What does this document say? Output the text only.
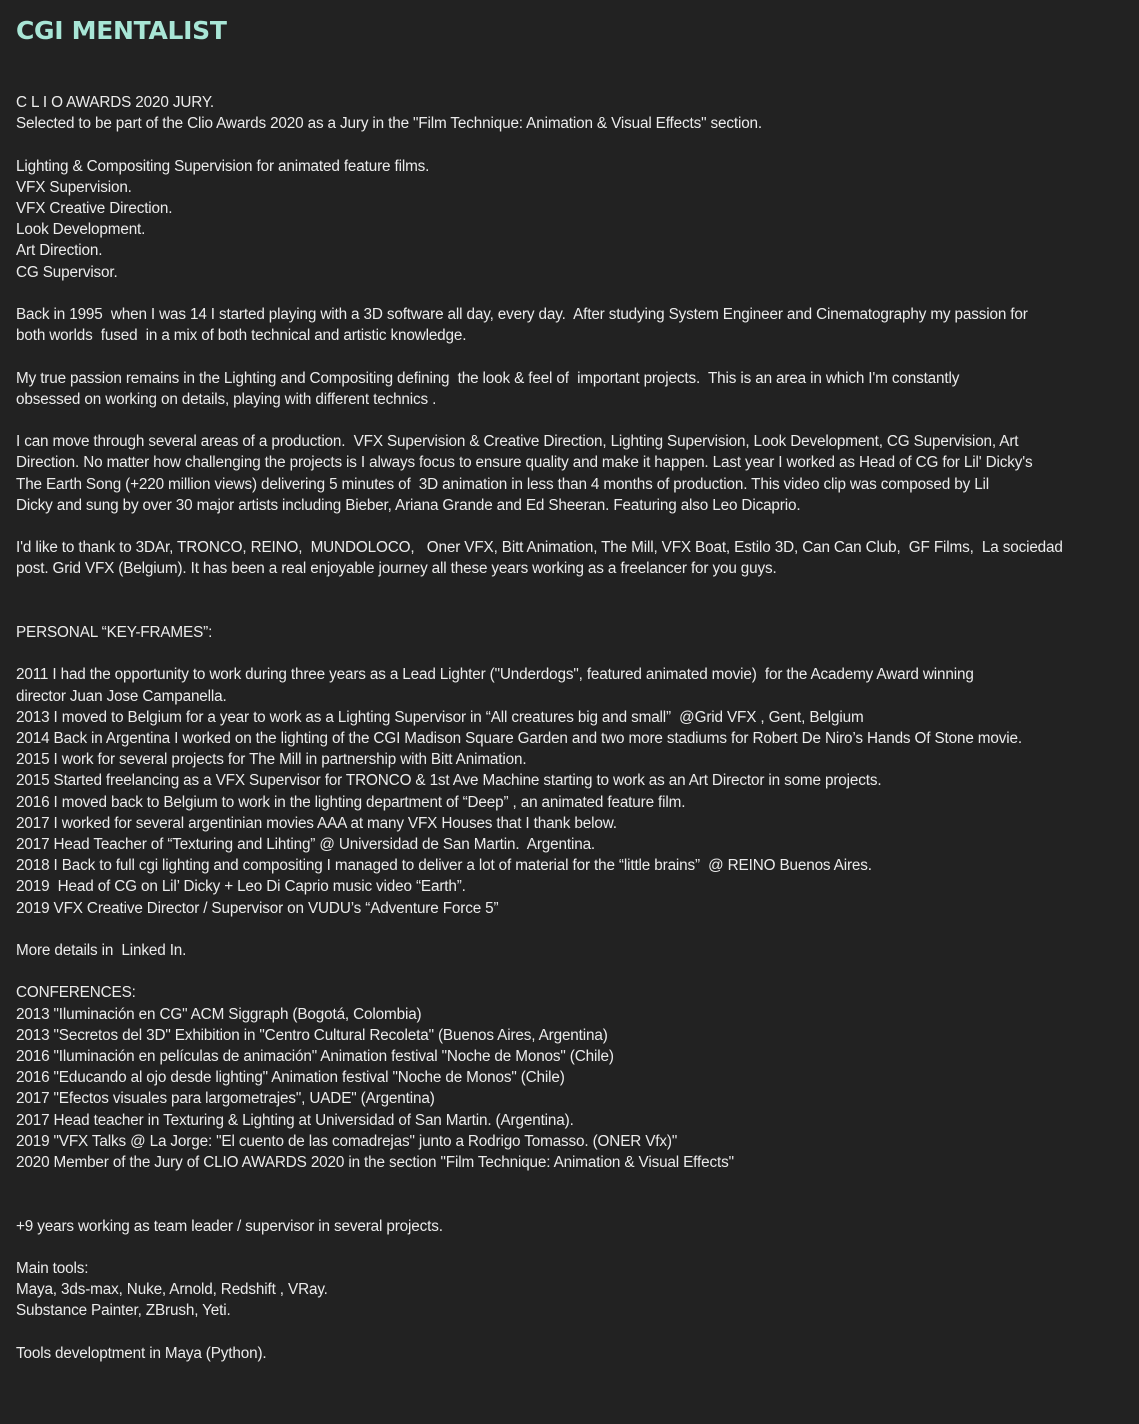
CGI MENTALIST
C L I O AWARDS 2020 JURY.
Selected to be part of the Clio Awards 2020 as a Jury in the "Film Technique: Animation & Visual Effects" section.
Lighting & Compositing Supervision for animated feature films.
VFX Supervision.
VFX Creative Direction.
Look Development.
Art Direction.
CG Supervisor.
Back in 1995  when I was 14 I started playing with a 3D software all day, every day.  After studying System Engineer and Cinematography my passion for
both worlds  fused  in a mix of both technical and artistic knowledge.
My true passion remains in the Lighting and Compositing defining  the look & feel of  important projects.  This is an area in which I'm constantly
obsessed on working on details, playing with different technics .
I can move through several areas of a production.  VFX Supervision & Creative Direction, Lighting Supervision, Look Development, CG Supervision, Art
Direction. No matter how challenging the projects is I always focus to ensure quality and make it happen. Last year I worked as Head of CG for Lil' Dicky's
The Earth Song (+220 million views) delivering 5 minutes of  3D animation in less than 4 months of production. This video clip was composed by Lil
Dicky and sung by over 30 major artists including Bieber, Ariana Grande and Ed Sheeran. Featuring also Leo Dicaprio.
I'd like to thank to 3DAr, TRONCO, REINO,  MUNDOLOCO,   Oner VFX, Bitt Animation, The Mill, VFX Boat, Estilo 3D, Can Can Club,  GF Films,  La sociedad
post. Grid VFX (Belgium). It has been a real enjoyable journey all these years working as a freelancer for you guys.
PERSONAL “KEY-FRAMES”:
2011 I had the opportunity to work during three years as a Lead Lighter ("Underdogs", featured animated movie)  for the Academy Award winning
director Juan Jose Campanella.
2013 I moved to Belgium for a year to work as a Lighting Supervisor in “All creatures big and small”  @Grid VFX , Gent, Belgium
2014 Back in Argentina I worked on the lighting of the CGI Madison Square Garden and two more stadiums for Robert De Niro’s Hands Of Stone movie.
2015 I work for several projects for The Mill in partnership with Bitt Animation.
2015 Started freelancing as a VFX Supervisor for TRONCO & 1st Ave Machine starting to work as an Art Director in some projects.
2016 I moved back to Belgium to work in the lighting department of “Deep” , an animated feature film.
2017 I worked for several argentinian movies AAA at many VFX Houses that I thank below.
2017 Head Teacher of “Texturing and Lihting” @ Universidad de San Martin.  Argentina.
2018 I Back to full cgi lighting and compositing I managed to deliver a lot of material for the “little brains”  @ REINO Buenos Aires.
2019  Head of CG on Lil’ Dicky + Leo Di Caprio music video “Earth”.
2019 VFX Creative Director / Supervisor on VUDU’s “Adventure Force 5”
More details in  Linked In.
CONFERENCES:
2013 "Iluminación en CG" ACM Siggraph (Bogotá, Colombia)
2013 "Secretos del 3D" Exhibition in "Centro Cultural Recoleta" (Buenos Aires, Argentina)
2016 "Iluminación en películas de animación" Animation festival "Noche de Monos" (Chile)
2016 "Educando al ojo desde lighting" Animation festival "Noche de Monos" (Chile)
2017 "Efectos visuales para largometrajes", UADE" (Argentina)
2017 Head teacher in Texturing & Lighting at Universidad of San Martin. (Argentina).
2019 "VFX Talks @ La Jorge: "El cuento de las comadrejas" junto a Rodrigo Tomasso. (ONER Vfx)"
2020 Member of the Jury of CLIO AWARDS 2020 in the section "Film Technique: Animation & Visual Effects"
+9 years working as team leader / supervisor in several projects.
Main tools:
Maya, 3ds-max, Nuke, Arnold, Redshift , VRay.
Substance Painter, ZBrush, Yeti.
Tools developtment in Maya (Python).
